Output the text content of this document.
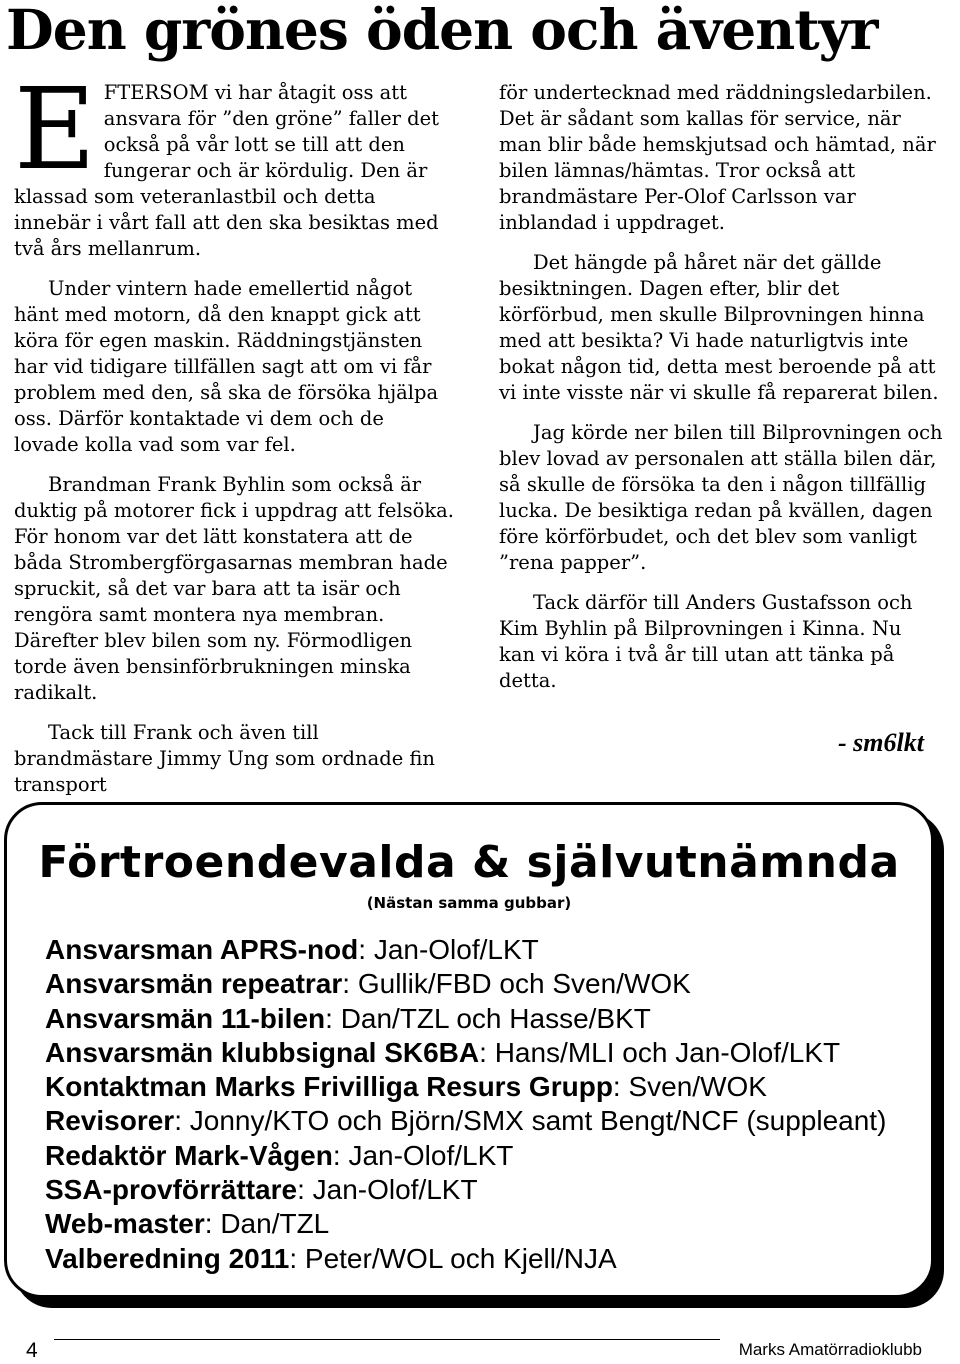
Den grönes öden och äventyr

EFTERSOM vi har åtagit oss att ansvara för ”den gröne” faller det också på vår lott se till att den fungerar och är kördulig. Den är klassad som veteranlastbil och detta innebär i vårt fall att den ska besiktas med två års mellanrum.

Under vintern hade emellertid något hänt med motorn, då den knappt gick att köra för egen maskin. Räddningstjänsten har vid tidigare tillfällen sagt att om vi får problem med den, så ska de försöka hjälpa oss. Därför kontaktade vi dem och de lovade kolla vad som var fel.

Brandman Frank Byhlin som också är duktig på motorer fick i uppdrag att felsöka. För honom var det lätt konstatera att de båda Strombergförgasarnas membran hade spruckit, så det var bara att ta isär och rengöra samt montera nya membran. Därefter blev bilen som ny. Förmodligen torde även bensinförbrukningen minska radikalt.

Tack till Frank och även till brandmästare Jimmy Ung som ordnade fin transport

för undertecknad med räddningsledarbilen. Det är sådant som kallas för service, när man blir både hemskjutsad och hämtad, när bilen lämnas/hämtas. Tror också att brandmästare Per-Olof Carlsson var inblandad i uppdraget.

Det hängde på håret när det gällde besiktningen. Dagen efter, blir det körförbud, men skulle Bilprovningen hinna med att besikta? Vi hade naturligtvis inte bokat någon tid, detta mest beroende på att vi inte visste när vi skulle få reparerat bilen.

Jag körde ner bilen till Bilprovningen och blev lovad av personalen att ställa bilen där, så skulle de försöka ta den i någon tillfällig lucka. De besiktiga redan på kvällen, dagen före körförbudet, och det blev som vanligt ”rena papper”.

Tack därför till Anders Gustafsson och Kim Byhlin på Bilprovningen i Kinna. Nu kan vi köra i två år till utan att tänka på detta.

- sm6lkt
Förtroendevalda & självutnämnda
(Nästan samma gubbar)
Ansvarsman APRS-nod: Jan-Olof/LKT
Ansvarsmän repeatrar: Gullik/FBD och Sven/WOK
Ansvarsmän 11-bilen: Dan/TZL och Hasse/BKT
Ansvarsmän klubbsignal SK6BA: Hans/MLI och Jan-Olof/LKT
Kontaktman Marks Frivilliga Resurs Grupp: Sven/WOK
Revisorer: Jonny/KTO och Björn/SMX samt Bengt/NCF (suppleant)
Redaktör Mark-Vågen: Jan-Olof/LKT
SSA-provförrättare: Jan-Olof/LKT
Web-master: Dan/TZL
Valberedning 2011: Peter/WOL och Kjell/NJA
4	Marks Amatörradioklubb
